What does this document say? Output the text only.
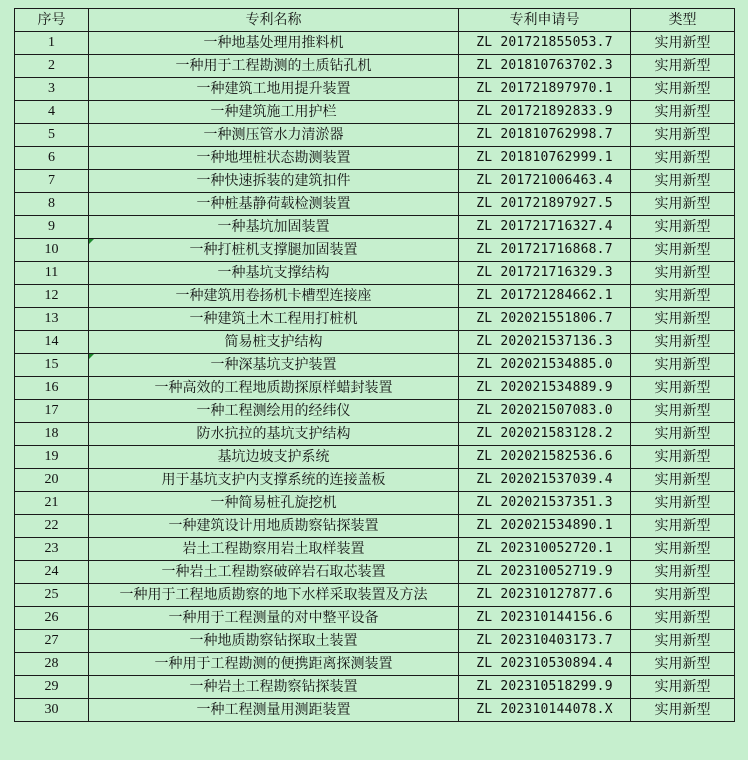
序号	专利名称	专利申请号	类型
1	一种地基处理用推料机	ZL 201721855053.7	实用新型
2	一种用于工程勘测的土质钻孔机	ZL 201810763702.3	实用新型
3	一种建筑工地用提升装置	ZL 201721897970.1	实用新型
4	一种建筑施工用护栏	ZL 201721892833.9	实用新型
5	一种测压管水力清淤器	ZL 201810762998.7	实用新型
6	一种地埋桩状态勘测装置	ZL 201810762999.1	实用新型
7	一种快速拆装的建筑扣件	ZL 201721006463.4	实用新型
8	一种桩基静荷载检测装置	ZL 201721897927.5	实用新型
9	一种基坑加固装置	ZL 201721716327.4	实用新型
10	一种打桩机支撑腿加固装置	ZL 201721716868.7	实用新型
11	一种基坑支撑结构	ZL 201721716329.3	实用新型
12	一种建筑用卷扬机卡槽型连接座	ZL 201721284662.1	实用新型
13	一种建筑土木工程用打桩机	ZL 202021551806.7	实用新型
14	简易桩支护结构	ZL 202021537136.3	实用新型
15	一种深基坑支护装置	ZL 202021534885.0	实用新型
16	一种高效的工程地质勘探原样蜡封装置	ZL 202021534889.9	实用新型
17	一种工程测绘用的经纬仪	ZL 202021507083.0	实用新型
18	防水抗拉的基坑支护结构	ZL 202021583128.2	实用新型
19	基坑边坡支护系统	ZL 202021582536.6	实用新型
20	用于基坑支护内支撑系统的连接盖板	ZL 202021537039.4	实用新型
21	一种简易桩孔旋挖机	ZL 202021537351.3	实用新型
22	一种建筑设计用地质勘察钻探装置	ZL 202021534890.1	实用新型
23	岩土工程勘察用岩土取样装置	ZL 202310052720.1	实用新型
24	一种岩土工程勘察破碎岩石取芯装置	ZL 202310052719.9	实用新型
25	一种用于工程地质勘察的地下水样采取装置及方法	ZL 202310127877.6	实用新型
26	一种用于工程测量的对中整平设备	ZL 202310144156.6	实用新型
27	一种地质勘察钻探取土装置	ZL 202310403173.7	实用新型
28	一种用于工程勘测的便携距离探测装置	ZL 202310530894.4	实用新型
29	一种岩土工程勘察钻探装置	ZL 202310518299.9	实用新型
30	一种工程测量用测距装置	ZL 202310144078.X	实用新型
